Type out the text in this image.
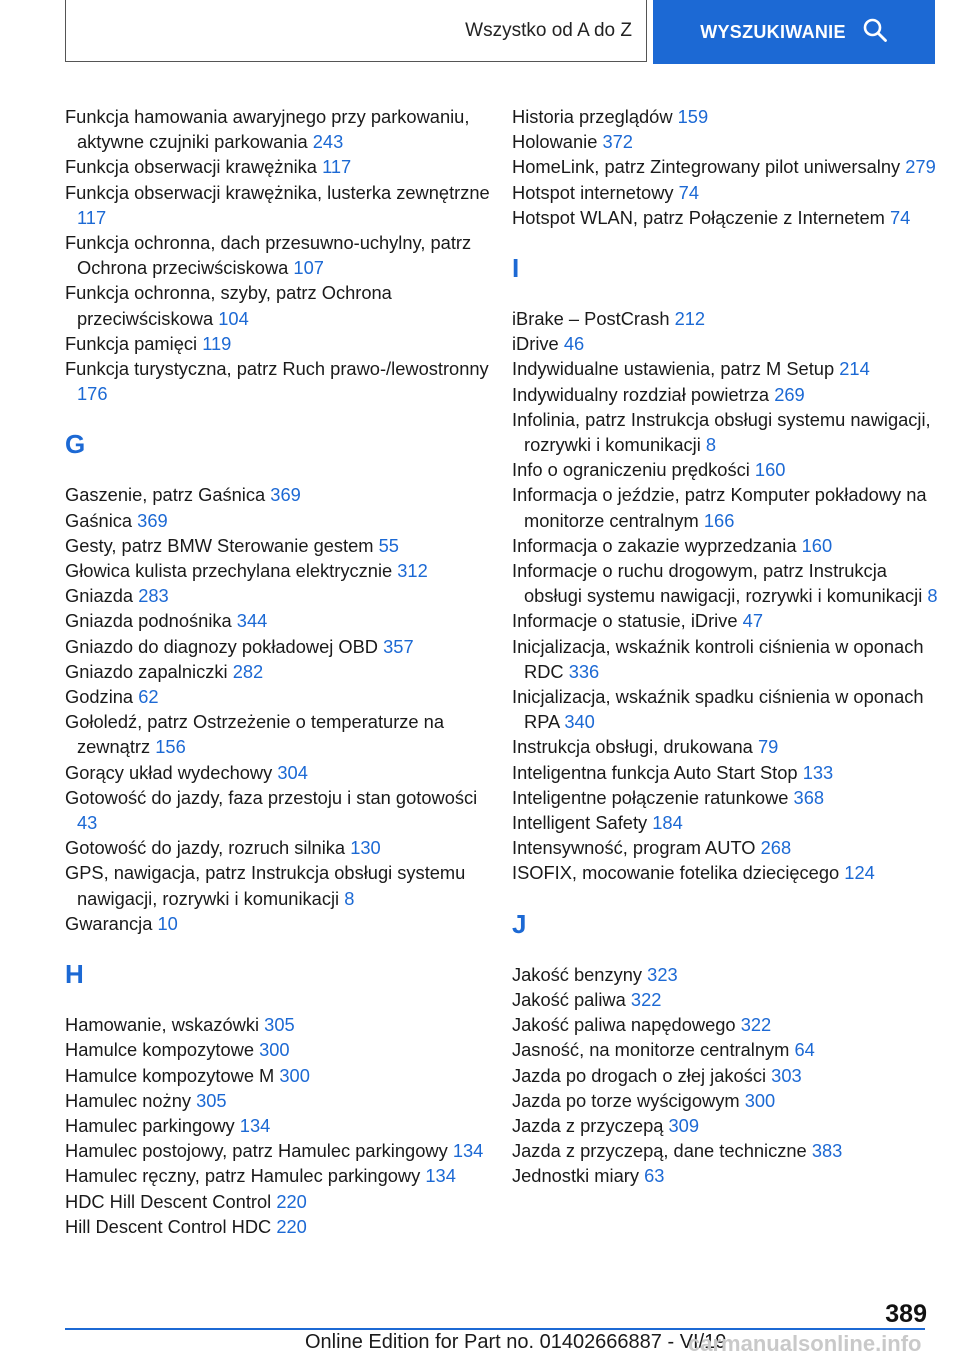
Wszystko od A do Z	WYSZUKIWANIE
Funkcja hamowania awaryjnego przy parkowaniu, aktywne czujniki parkowania 243
Funkcja obserwacji krawężnika 117
Funkcja obserwacji krawężnika, lusterka zewnętrzne 117
Funkcja ochronna, dach przesuwno-uchylny, patrz Ochrona przeciwściskowa 107
Funkcja ochronna, szyby, patrz Ochrona przeciwściskowa 104
Funkcja pamięci 119
Funkcja turystyczna, patrz Ruch prawo-/lewostronny 176
G
Gaszenie, patrz Gaśnica 369
Gaśnica 369
Gesty, patrz BMW Sterowanie gestem 55
Głowica kulista przechylana elektrycznie 312
Gniazda 283
Gniazda podnośnika 344
Gniazdo do diagnozy pokładowej OBD 357
Gniazdo zapalniczki 282
Godzina 62
Gołoledź, patrz Ostrzeżenie o temperaturze na zewnątrz 156
Gorący układ wydechowy 304
Gotowość do jazdy, faza przestoju i stan gotowości 43
Gotowość do jazdy, rozruch silnika 130
GPS, nawigacja, patrz Instrukcja obsługi systemu nawigacji, rozrywki i komunikacji 8
Gwarancja 10
H
Hamowanie, wskazówki 305
Hamulce kompozytowe 300
Hamulce kompozytowe M 300
Hamulec nożny 305
Hamulec parkingowy 134
Hamulec postojowy, patrz Hamulec parkingowy 134
Hamulec ręczny, patrz Hamulec parkingowy 134
HDC Hill Descent Control 220
Hill Descent Control HDC 220
Historia przeglądów 159
Holowanie 372
HomeLink, patrz Zintegrowany pilot uniwersalny 279
Hotspot internetowy 74
Hotspot WLAN, patrz Połączenie z Internetem 74
I
iBrake – PostCrash 212
iDrive 46
Indywidualne ustawienia, patrz M Setup 214
Indywidualny rozdział powietrza 269
Infolinia, patrz Instrukcja obsługi systemu nawigacji, rozrywki i komunikacji 8
Info o ograniczeniu prędkości 160
Informacja o jeździe, patrz Komputer pokładowy na monitorze centralnym 166
Informacja o zakazie wyprzedzania 160
Informacje o ruchu drogowym, patrz Instrukcja obsługi systemu nawigacji, rozrywki i komunikacji 8
Informacje o statusie, iDrive 47
Inicjalizacja, wskaźnik kontroli ciśnienia w oponach RDC 336
Inicjalizacja, wskaźnik spadku ciśnienia w oponach RPA 340
Instrukcja obsługi, drukowana 79
Inteligentna funkcja Auto Start Stop 133
Inteligentne połączenie ratunkowe 368
Intelligent Safety 184
Intensywność, program AUTO 268
ISOFIX, mocowanie fotelika dziecięcego 124
J
Jakość benzyny 323
Jakość paliwa 322
Jakość paliwa napędowego 322
Jasność, na monitorze centralnym 64
Jazda po drogach o złej jakości 303
Jazda po torze wyścigowym 300
Jazda z przyczepą 309
Jazda z przyczepą, dane techniczne 383
Jednostki miary 63
389
Online Edition for Part no. 01402666887 - VI/19
carmanualsonline.info
